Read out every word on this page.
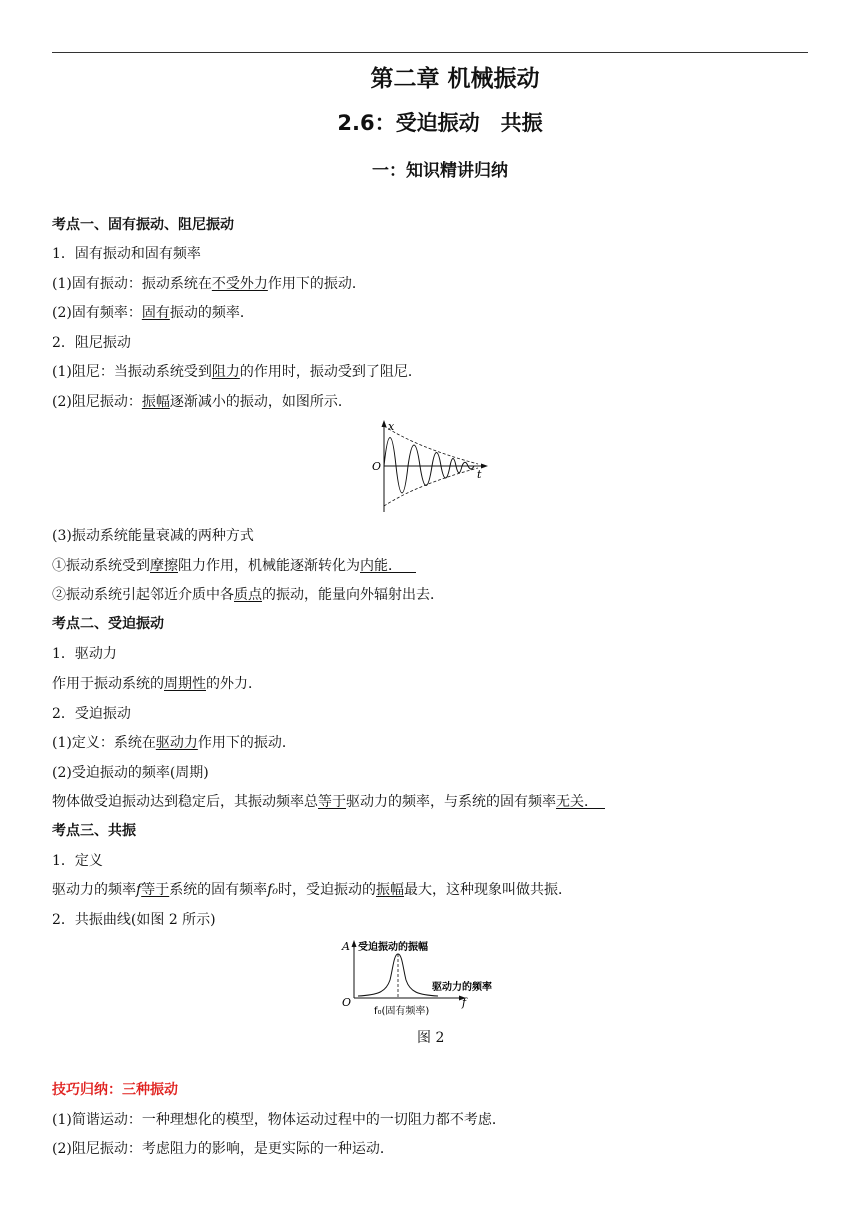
第二章 机械振动
2.6：受迫振动　共振
一：知识精讲归纳
考点一、固有振动、阻尼振动
1．固有振动和固有频率
(1)固有振动：振动系统在不受外力作用下的振动．
(2)固有频率：固有振动的频率．
2．阻尼振动
(1)阻尼：当振动系统受到阻力的作用时，振动受到了阻尼．
(2)阻尼振动：振幅逐渐减小的振动，如图所示．
x
O
t
(3)振动系统能量衰减的两种方式
①振动系统受到摩擦阻力作用，机械能逐渐转化为内能． 
②振动系统引起邻近介质中各质点的振动，能量向外辐射出去．
考点二、受迫振动
1．驱动力
作用于振动系统的周期性的外力．
2．受迫振动
(1)定义：系统在驱动力作用下的振动．
(2)受迫振动的频率(周期)
物体做受迫振动达到稳定后，其振动频率总等于驱动力的频率，与系统的固有频率无关． 
考点三、共振
1．定义
驱动力的频率f等于系统的固有频率f₀时，受迫振动的振幅最大，这种现象叫做共振．
2．共振曲线(如图 2 所示)
A 受迫振动的振幅
驱动力的频率
O	f
f₀(固有频率)
图 2
技巧归纳：三种振动
(1)简谐运动：一种理想化的模型，物体运动过程中的一切阻力都不考虑．
(2)阻尼振动：考虑阻力的影响，是更实际的一种运动．
